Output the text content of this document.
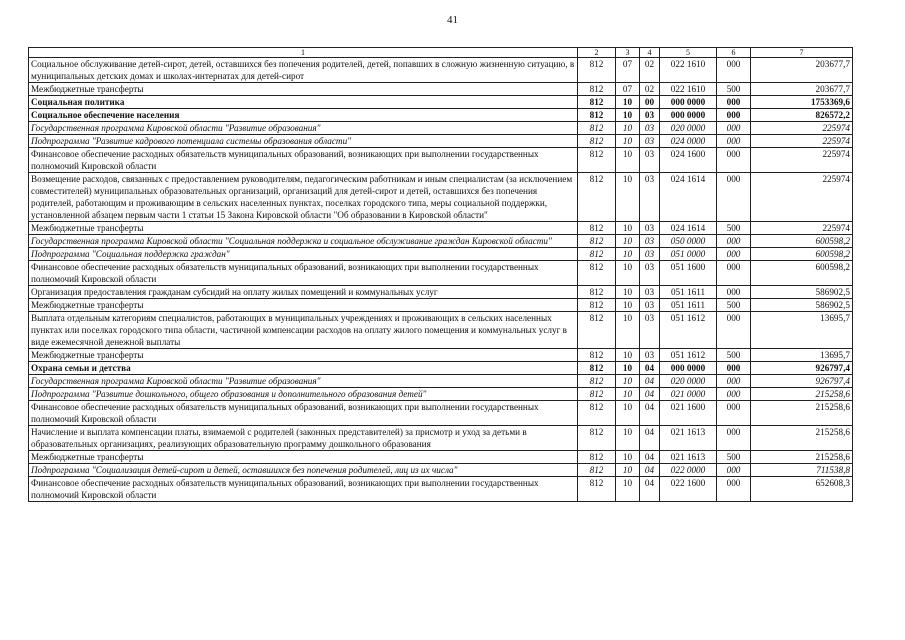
41
1	2	3	4	5	6	7
Социальное обслуживание детей-сирот, детей, оставшихся без попечения родителей, детей, попавших в сложную жизненную ситуацию, в муниципальных детских домах и школах-интернатах для детей-сирот	812	07	02	022 1610	000	203677,7
Межбюджетные трансферты	812	07	02	022 1610	500	203677,7
Социальная политика	812	10	00	000 0000	000	1753369,6
Социальное обеспечение населения	812	10	03	000 0000	000	826572,2
Государственная программа Кировской области "Развитие образования"	812	10	03	020 0000	000	225974
Подпрограмма "Развитие кадрового потенциала системы образования области"	812	10	03	024 0000	000	225974
Финансовое обеспечение расходных обязательств муниципальных образований, возникающих при выполнении государственных полномочий Кировской области	812	10	03	024 1600	000	225974
Возмещение расходов, связанных с предоставлением руководителям, педагогическим работникам и иным специалистам (за исключением совместителей) муниципальных образовательных организаций, организаций для детей-сирот и детей, оставшихся без попечения родителей, работающим и проживающим в сельских населенных пунктах, поселках городского типа, меры социальной поддержки, установленной абзацем первым части 1 статьи 15 Закона Кировской области "Об образовании в Кировской области"	812	10	03	024 1614	000	225974
Межбюджетные трансферты	812	10	03	024 1614	500	225974
Государственная программа Кировской области "Социальная поддержка и социальное обслуживание граждан Кировской области"	812	10	03	050 0000	000	600598,2
Подпрограмма "Социальная поддержка граждан"	812	10	03	051 0000	000	600598,2
Финансовое обеспечение расходных обязательств муниципальных образований, возникающих при выполнении государственных полномочий Кировской области	812	10	03	051 1600	000	600598,2
Организация предоставления гражданам субсидий на оплату жилых помещений и коммунальных услуг	812	10	03	051 1611	000	586902,5
Межбюджетные трансферты	812	10	03	051 1611	500	586902,5
Выплата отдельным категориям специалистов, работающих в муниципальных учреждениях и проживающих в сельских населенных пунктах или поселках городского типа области, частичной компенсации расходов на оплату жилого помещения и коммунальных услуг в виде ежемесячной денежной выплаты	812	10	03	051 1612	000	13695,7
Межбюджетные трансферты	812	10	03	051 1612	500	13695,7
Охрана семьи и детства	812	10	04	000 0000	000	926797,4
Государственная программа Кировской области "Развитие образования"	812	10	04	020 0000	000	926797,4
Подпрограмма "Развитие дошкольного, общего образования и дополнительного образования детей"	812	10	04	021 0000	000	215258,6
Финансовое обеспечение расходных обязательств муниципальных образований, возникающих при выполнении государственных полномочий Кировской области	812	10	04	021 1600	000	215258,6
Начисление и выплата компенсации платы, взимаемой с родителей (законных представителей) за присмотр и уход за детьми в образовательных организациях, реализующих образовательную программу дошкольного образования	812	10	04	021 1613	000	215258,6
Межбюджетные трансферты	812	10	04	021 1613	500	215258,6
Подпрограмма "Социализация детей-сирот и детей, оставшихся без попечения родителей, лиц из их числа"	812	10	04	022 0000	000	711538,8
Финансовое обеспечение расходных обязательств муниципальных образований, возникающих при выполнении государственных полномочий Кировской области	812	10	04	022 1600	000	652608,3
